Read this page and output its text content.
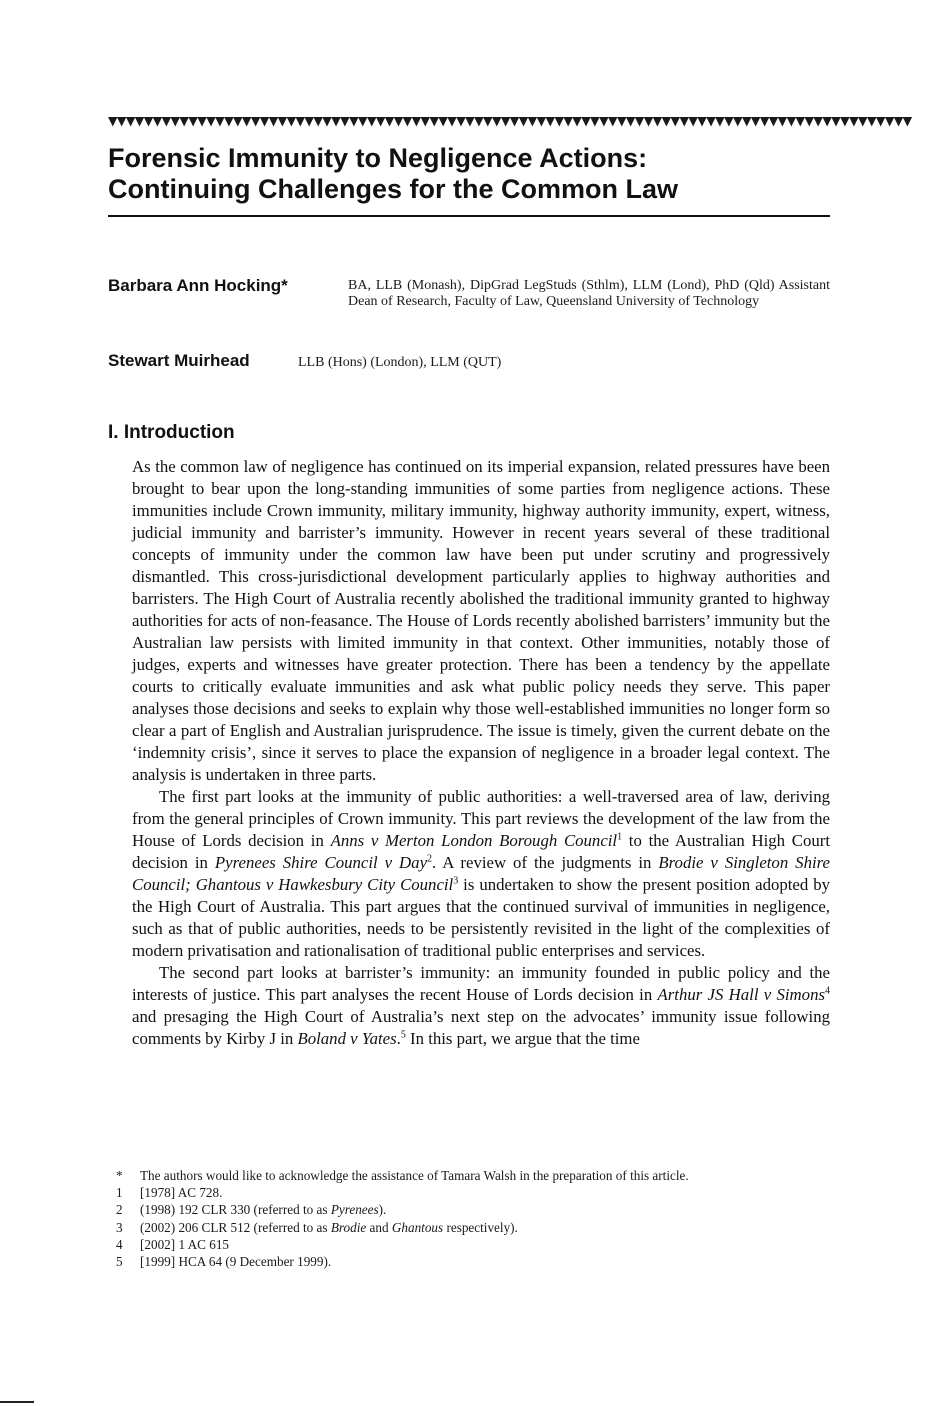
▼▼▼▼▼▼▼▼▼▼▼▼▼▼▼▼▼▼▼▼▼▼▼▼▼▼▼▼▼▼▼▼▼▼▼▼▼▼▼▼▼▼▼▼▼▼▼▼▼▼▼▼▼▼▼▼▼▼▼▼▼▼▼▼▼▼▼▼▼▼▼▼▼▼▼▼▼▼▼▼▼▼▼▼▼▼▼▼▼▼
Forensic Immunity to Negligence Actions:
Continuing Challenges for the Common Law
Barbara Ann Hocking*	BA, LLB (Monash), DipGrad LegStuds (Sthlm), LLM (Lond), PhD (Qld) Assistant Dean of Research, Faculty of Law, Queensland University of Technology
Stewart Muirhead	LLB (Hons) (London), LLM (QUT)
I. Introduction

As the common law of negligence has continued on its imperial expansion, related pressures have been brought to bear upon the long-standing immunities of some parties from negligence actions. These immunities include Crown immunity, military immunity, highway authority immunity, expert, witness, judicial immunity and barrister’s immunity. However in recent years several of these traditional concepts of immunity under the common law have been put under scrutiny and progressively dismantled. This cross-jurisdictional development particularly applies to highway authorities and barristers. The High Court of Australia recently abolished the traditional immunity granted to highway authorities for acts of non-feasance. The House of Lords recently abolished barristers’ immunity but the Australian law persists with limited immunity in that context. Other immunities, notably those of judges, experts and witnesses have greater protection. There has been a tendency by the appellate courts to critically evaluate immunities and ask what public policy needs they serve. This paper analyses those decisions and seeks to explain why those well-established immunities no longer form so clear a part of English and Australian jurisprudence. The issue is timely, given the current debate on the ‘indemnity crisis’, since it serves to place the expansion of negligence in a broader legal context. The analysis is undertaken in three parts.

The first part looks at the immunity of public authorities: a well-traversed area of law, deriving from the general principles of Crown immunity. This part reviews the development of the law from the House of Lords decision in Anns v Merton London Borough Council$^1$ to the Australian High Court decision in Pyrenees Shire Council v Day$^2$. A review of the judgments in Brodie v Singleton Shire Council; Ghantous v Hawkesbury City Council$^3$ is undertaken to show the present position adopted by the High Court of Australia. This part argues that the continued survival of immunities in negligence, such as that of public authorities, needs to be persistently revisited in the light of the complexities of modern privatisation and rationalisation of traditional public enterprises and services.

The second part looks at barrister’s immunity: an immunity founded in public policy and the interests of justice. This part analyses the recent House of Lords decision in Arthur JS Hall v Simons$^4$ and presaging the High Court of Australia’s next step on the advocates’ immunity issue following comments by Kirby J in Boland v Yates.$^5$ In this part, we argue that the time

*	The authors would like to acknowledge the assistance of Tamara Walsh in the preparation of this article.
1	[1978] AC 728.
2	(1998) 192 CLR 330 (referred to as Pyrenees).
3	(2002) 206 CLR 512 (referred to as Brodie and Ghantous respectively).
4	[2002] 1 AC 615
5	[1999] HCA 64 (9 December 1999).
